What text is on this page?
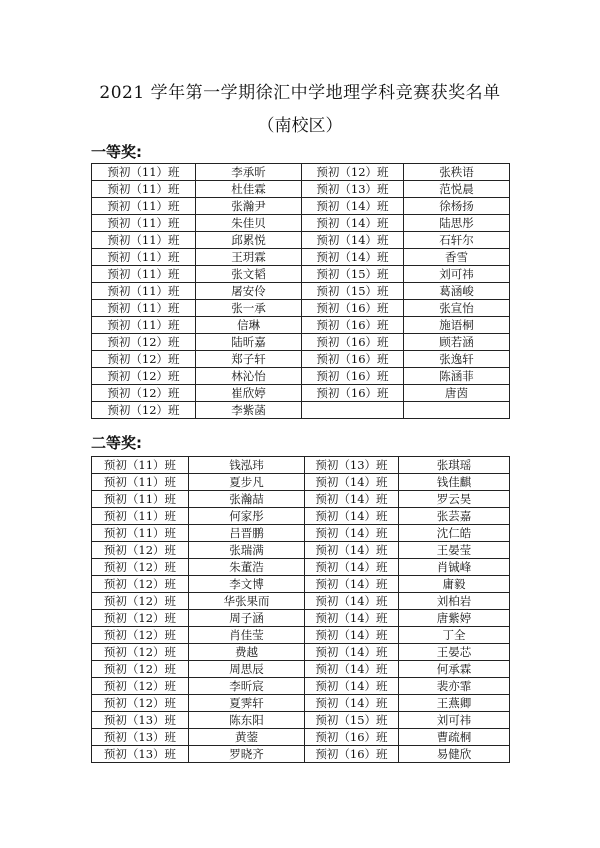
2021 学年第一学期徐汇中学地理学科竞赛获奖名单
（南校区）
一等奖:
预初（11）班	李承昕	预初（12）班	张秩语
预初（11）班	杜佳霖	预初（13）班	范悦晨
预初（11）班	张瀚尹	预初（14）班	徐杨扬
预初（11）班	朱佳贝	预初（14）班	陆思彤
预初（11）班	邱累悦	预初（14）班	石轩尔
预初（11）班	王玥霖	预初（14）班	香雪
预初（11）班	张文韬	预初（15）班	刘可祎
预初（11）班	屠安伶	预初（15）班	葛涵峻
预初（11）班	张一承	预初（16）班	张宣怡
预初（11）班	信琳	预初（16）班	施语桐
预初（12）班	陆昕嘉	预初（16）班	顾若涵
预初（12）班	郑子轩	预初（16）班	张逸轩
预初（12）班	林沁怡	预初（16）班	陈涵菲
预初（12）班	崔欣婷	预初（16）班	唐茵
预初（12）班	李紫菡		
二等奖:
预初（11）班	钱泓玮	预初（13）班	张琪瑶
预初（11）班	夏步凡	预初（14）班	钱佳麒
预初（11）班	张瀚喆	预初（14）班	罗云昊
预初（11）班	何家彤	预初（14）班	张芸嘉
预初（11）班	吕晋鹏	预初（14）班	沈仁皓
预初（12）班	张瑞满	预初（14）班	王晏莹
预初（12）班	朱董浩	预初（14）班	肖铖峰
预初（12）班	李文博	预初（14）班	庸毅
预初（12）班	华张果而	预初（14）班	刘柏岩
预初（12）班	周子涵	预初（14）班	唐紫婷
预初（12）班	肖佳莹	预初（14）班	丁全
预初（12）班	费越	预初（14）班	王晏芯
预初（12）班	周思辰	预初（14）班	何承霖
预初（12）班	李昕宸	预初（14）班	裴亦霏
预初（12）班	夏霁轩	预初（14）班	王燕卿
预初（13）班	陈东阳	预初（15）班	刘可祎
预初（13）班	黄蓥	预初（16）班	曹疏桐
预初（13）班	罗晓齐	预初（16）班	易健欣
